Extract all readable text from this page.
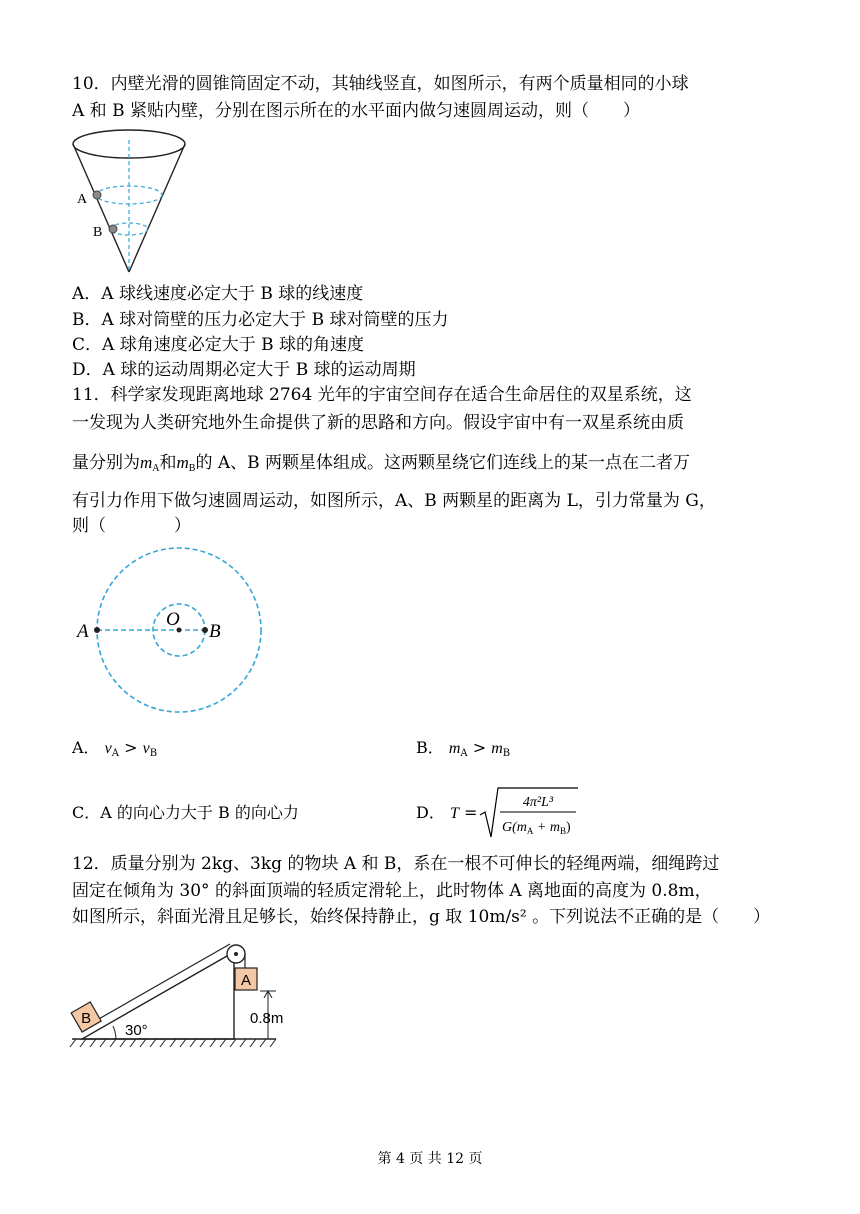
10．内壁光滑的圆锥筒固定不动，其轴线竖直，如图所示，有两个质量相同的小球
A 和 B 紧贴内壁，分别在图示所在的水平面内做匀速圆周运动，则（　　）
A
B
A．A 球线速度必定大于 B 球的线速度
B．A 球对筒壁的压力必定大于 B 球对筒壁的压力
C．A 球角速度必定大于 B 球的角速度
D．A 球的运动周期必定大于 B 球的运动周期
11．科学家发现距离地球 2764 光年的宇宙空间存在适合生命居住的双星系统，这
一发现为人类研究地外生命提供了新的思路和方向。假设宇宙中有一双星系统由质
量分别为$m_A$和$m_B$的 A、B 两颗星体组成。这两颗星绕它们连线上的某一点在二者万
有引力作用下做匀速圆周运动，如图所示，A、B 两颗星的距离为 L，引力常量为 G，
则（　　　　）
A
O
B
A． $v_A > v_B$	B． $m_A > m_B$
C．A 的向心力大于 B 的向心力	D． T =
4π²L³
$G(m_A + m_B)$
12．质量分别为 2kg、3kg 的物块 A 和 B，系在一根不可伸长的轻绳两端，细绳跨过
固定在倾角为 30° 的斜面顶端的轻质定滑轮上，此时物体 A 离地面的高度为 0.8m，
如图所示，斜面光滑且足够长，始终保持静止，g 取 10m/s² 。下列说法不正确的是（　　）
A
B
30°
0.8m
第 4 页 共 12 页
